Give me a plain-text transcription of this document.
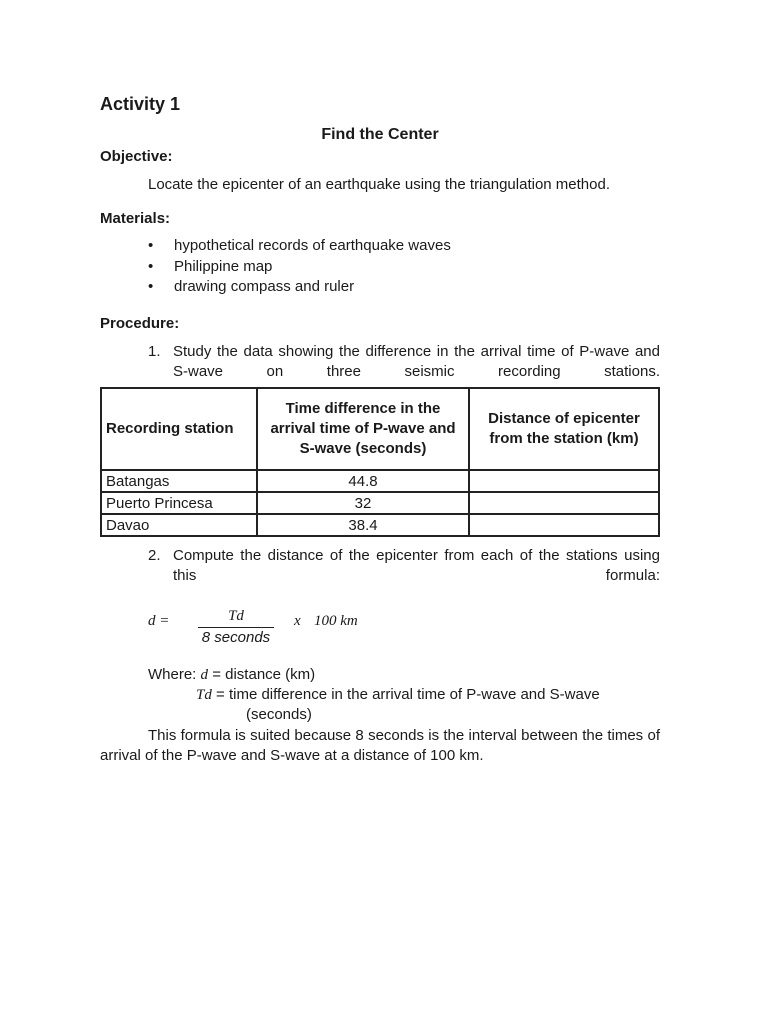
Activity 1
Find the Center
Objective:
Locate the epicenter of an earthquake using the triangulation method.
Materials:
•	hypothetical records of earthquake waves
•	Philippine map
•	drawing compass and ruler
Procedure:
1. Study the data showing the difference in the arrival time of P-wave and S-wave on three seismic recording stations.
Recording station	Time difference in the arrival time of P-wave and S-wave (seconds)	Distance of epicenter from the station (km)
Batangas	44.8	
Puerto Princesa	32	
Davao	38.4	
2. Compute the distance of the epicenter from each of the stations using this formula:
d =	Td
8 seconds
x 100 km
Where: d = distance (km)
Td = time difference in the arrival time of P-wave and S-wave
(seconds)
This formula is suited because 8 seconds is the interval between the times of arrival of the P-wave and S-wave at a distance of 100 km.
